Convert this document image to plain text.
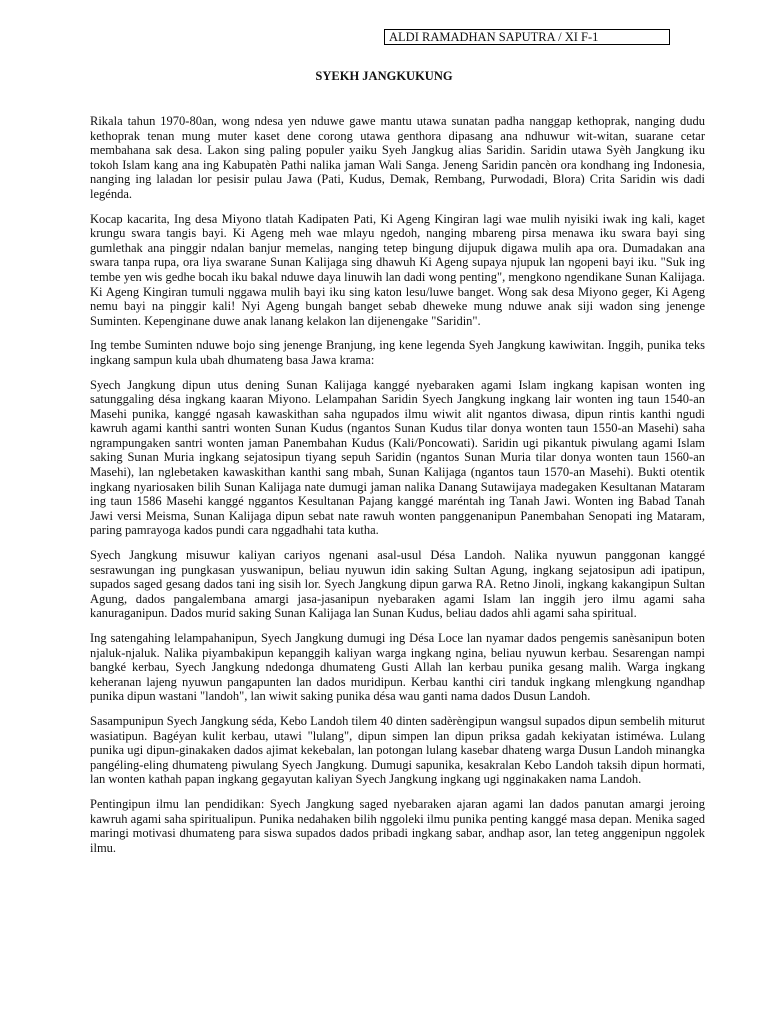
ALDI RAMADHAN SAPUTRA / XI F-1
SYEKH JANGKUKUNG

Rikala tahun 1970-80an, wong ndesa yen nduwe gawe mantu utawa sunatan padha nanggap kethoprak, nanging dudu kethoprak tenan mung muter kaset dene corong utawa genthora dipasang ana ndhuwur wit-witan, suarane cetar membahana sak desa. Lakon sing paling populer yaiku Syeh Jangkug alias Saridin. Saridin utawa Syèh Jangkung iku tokoh Islam kang ana ing Kabupatèn Pathi nalika jaman Wali Sanga. Jeneng Saridin pancèn ora kondhang ing Indonesia, nanging ing laladan lor pesisir pulau Jawa (Pati, Kudus, Demak, Rembang, Purwodadi, Blora) Crita Saridin wis dadi legénda.

Kocap kacarita, Ing desa Miyono tlatah Kadipaten Pati, Ki Ageng Kingiran lagi wae mulih nyisiki iwak ing kali, kaget krungu swara tangis bayi. Ki Ageng meh wae mlayu ngedoh, nanging mbareng pirsa menawa iku swara bayi sing gumlethak ana pinggir ndalan banjur memelas, nanging tetep bingung dijupuk digawa mulih apa ora. Dumadakan ana swara tanpa rupa, ora liya swarane Sunan Kalijaga sing dhawuh Ki Ageng supaya njupuk lan ngopeni bayi iku. "Suk ing tembe yen wis gedhe bocah iku bakal nduwe daya linuwih lan dadi wong penting", mengkono ngendikane Sunan Kalijaga. Ki Ageng Kingiran tumuli nggawa mulih bayi iku sing katon lesu/luwe banget. Wong sak desa Miyono geger, Ki Ageng nemu bayi na pinggir kali! Nyi Ageng bungah banget sebab dheweke mung nduwe anak siji wadon sing jenenge Suminten. Kepenginane duwe anak lanang kelakon lan dijenengake "Saridin".

Ing tembe Suminten nduwe bojo sing jenenge Branjung, ing kene legenda Syeh Jangkung kawiwitan. Inggih, punika teks ingkang sampun kula ubah dhumateng basa Jawa krama:

Syech Jangkung dipun utus dening Sunan Kalijaga kanggé nyebaraken agami Islam ingkang kapisan wonten ing satunggaling désa ingkang kaaran Miyono. Lelampahan Saridin Syech Jangkung ingkang lair wonten ing taun 1540-an Masehi punika, kanggé ngasah kawaskithan saha ngupados ilmu wiwit alit ngantos diwasa, dipun rintis kanthi ngudi kawruh agami kanthi santri wonten Sunan Kudus (ngantos Sunan Kudus tilar donya wonten taun 1550-an Masehi) saha ngrampungaken santri wonten jaman Panembahan Kudus (Kali/Poncowati). Saridin ugi pikantuk piwulang agami Islam saking Sunan Muria ingkang sejatosipun tiyang sepuh Saridin (ngantos Sunan Muria tilar donya wonten taun 1560-an Masehi), lan nglebetaken kawaskithan kanthi sang mbah, Sunan Kalijaga (ngantos taun 1570-an Masehi). Bukti otentik ingkang nyariosaken bilih Sunan Kalijaga nate dumugi jaman nalika Danang Sutawijaya madegaken Kesultanan Mataram ing taun 1586 Masehi kanggé nggantos Kesultanan Pajang kanggé maréntah ing Tanah Jawi. Wonten ing Babad Tanah Jawi versi Meisma, Sunan Kalijaga dipun sebat nate rawuh wonten panggenanipun Panembahan Senopati ing Mataram, paring pamrayoga kados pundi cara nggadhahi tata kutha.

Syech Jangkung misuwur kaliyan cariyos ngenani asal-usul Désa Landoh. Nalika nyuwun panggonan kanggé sesrawungan ing pungkasan yuswanipun, beliau nyuwun idin saking Sultan Agung, ingkang sejatosipun adi ipatipun, supados saged gesang dados tani ing sisih lor. Syech Jangkung dipun garwa RA. Retno Jinoli, ingkang kakangipun Sultan Agung, dados pangalembana amargi jasa-jasanipun nyebaraken agami Islam lan inggih jero ilmu agami saha kanuraganipun. Dados murid saking Sunan Kalijaga lan Sunan Kudus, beliau dados ahli agami saha spiritual.

Ing satengahing lelampahanipun, Syech Jangkung dumugi ing Désa Loce lan nyamar dados pengemis sanèsanipun boten njaluk-njaluk. Nalika piyambakipun kepanggih kaliyan warga ingkang ngina, beliau nyuwun kerbau. Sesarengan nampi bangké kerbau, Syech Jangkung ndedonga dhumateng Gusti Allah lan kerbau punika gesang malih. Warga ingkang keheranan lajeng nyuwun pangapunten lan dados muridipun. Kerbau kanthi ciri tanduk ingkang mlengkung ngandhap punika dipun wastani "landoh", lan wiwit saking punika désa wau ganti nama dados Dusun Landoh.

Sasampunipun Syech Jangkung séda, Kebo Landoh tilem 40 dinten sadèrèngipun wangsul supados dipun sembelih miturut wasiatipun. Bagéyan kulit kerbau, utawi "lulang", dipun simpen lan dipun priksa gadah kekiyatan istiméwa. Lulang punika ugi dipun-ginakaken dados ajimat kekebalan, lan potongan lulang kasebar dhateng warga Dusun Landoh minangka pangéling-eling dhumateng piwulang Syech Jangkung. Dumugi sapunika, kesakralan Kebo Landoh taksih dipun hormati, lan wonten kathah papan ingkang gegayutan kaliyan Syech Jangkung ingkang ugi ngginakaken nama Landoh.

Pentingipun ilmu lan pendidikan: Syech Jangkung saged nyebaraken ajaran agami lan dados panutan amargi jeroing kawruh agami saha spiritualipun. Punika nedahaken bilih nggoleki ilmu punika penting kanggé masa depan. Menika saged maringi motivasi dhumateng para siswa supados dados pribadi ingkang sabar, andhap asor, lan teteg anggenipun nggolek ilmu.
